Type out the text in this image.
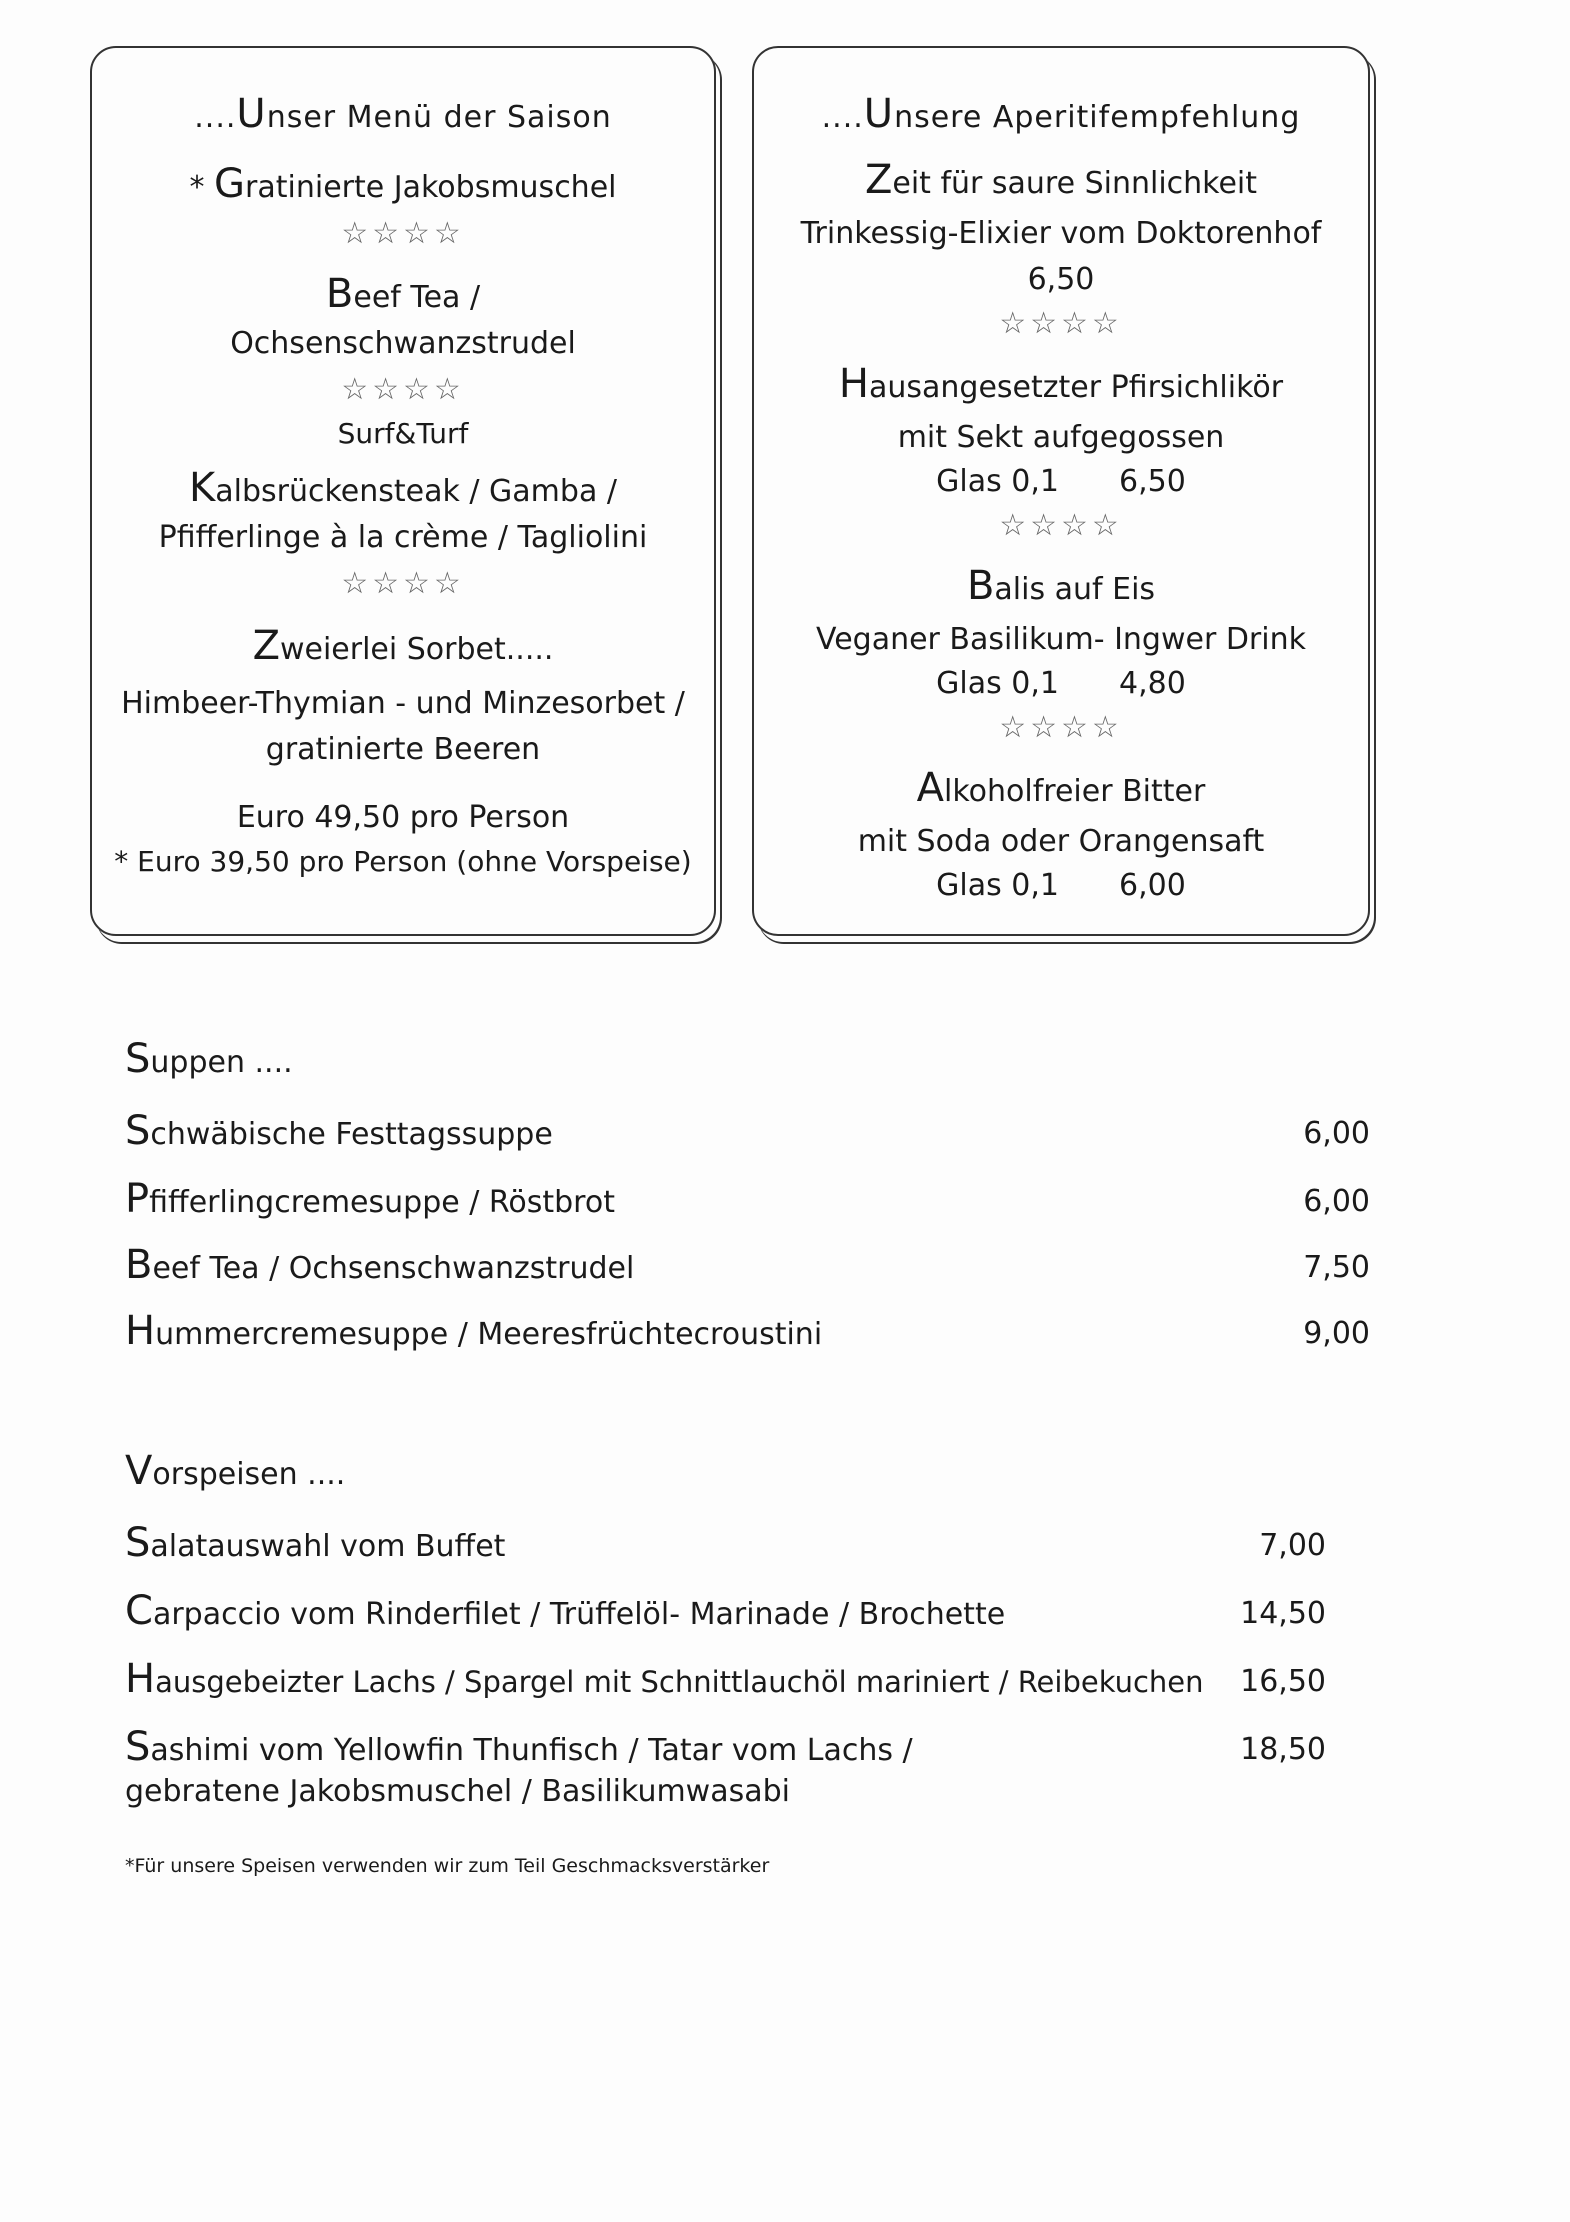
....Unser Menü der Saison
* Gratinierte Jakobsmuschel
☆☆☆☆
Beef Tea /
Ochsenschwanzstrudel
☆☆☆☆
Surf&Turf
Kalbsrückensteak / Gamba /
Pfifferlinge à la crème / Tagliolini
☆☆☆☆
Zweierlei Sorbet.....
Himbeer-Thymian - und Minzesorbet /
gratinierte Beeren
Euro 49,50 pro Person
* Euro 39,50 pro Person (ohne Vorspeise)
....Unsere Aperitifempfehlung
Zeit für saure Sinnlichkeit
Trinkessig-Elixier vom Doktorenhof
6,50
☆☆☆☆
Hausangesetzter Pfirsichlikör
mit Sekt aufgegossen
Glas 0,1 6,50
☆☆☆☆
Balis auf Eis
Veganer Basilikum- Ingwer Drink
Glas 0,1 4,80
☆☆☆☆
Alkoholfreier Bitter
mit Soda oder Orangensaft
Glas 0,1 6,00
Suppen ....
Schwäbische Festtagssuppe	6,00
Pfifferlingcremesuppe / Röstbrot	6,00
Beef Tea / Ochsenschwanzstrudel	7,50
Hummercremesuppe / Meeresfrüchtecroustini	9,00
Vorspeisen ....
Salatauswahl vom Buffet	7,00
Carpaccio vom Rinderfilet / Trüffelöl- Marinade / Brochette	14,50
Hausgebeizter Lachs / Spargel mit Schnittlauchöl mariniert / Reibekuchen 16,50
Sashimi vom Yellowfin Thunfisch / Tatar vom Lachs /
gebratene Jakobsmuschel / Basilikumwasabi
18,50
*Für unsere Speisen verwenden wir zum Teil Geschmacksverstärker
